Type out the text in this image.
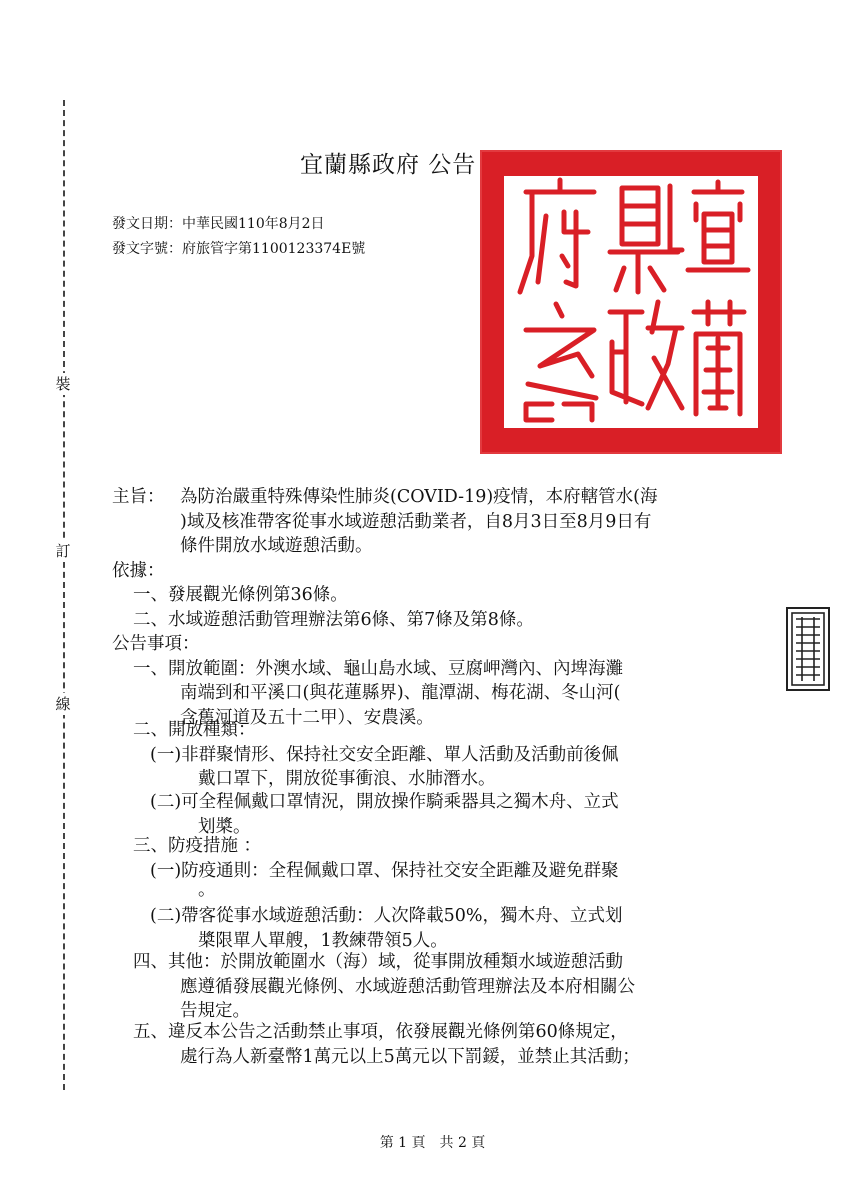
裝
訂
線
宜蘭縣政府 公告
發文日期：中華民國110年8月2日
發文字號：府旅管字第1100123374E號
主旨： 為防治嚴重特殊傳染性肺炎(COVID-19)疫情，本府轄管水(海
)域及核准帶客從事水域遊憩活動業者，自8月3日至8月9日有
條件開放水域遊憩活動。
依據：
一、發展觀光條例第36條。
二、水域遊憩活動管理辦法第6條、第7條及第8條。
公告事項：
一、開放範圍：外澳水域、龜山島水域、豆腐岬灣內、內埤海灘
南端到和平溪口(與花蓮縣界)、龍潭湖、梅花湖、冬山河(
含舊河道及五十二甲）、安農溪。
二、開放種類：
(一)非群聚情形、保持社交安全距離、單人活動及活動前後佩
戴口罩下，開放從事衝浪、水肺潛水。
(二)可全程佩戴口罩情況，開放操作騎乘器具之獨木舟、立式
划槳。
三、防疫措施 ：
(一)防疫通則：全程佩戴口罩、保持社交安全距離及避免群聚
。
(二)帶客從事水域遊憩活動：人次降載50%，獨木舟、立式划
槳限單人單艘，1教練帶領5人。
四、其他：於開放範圍水（海）域，從事開放種類水域遊憩活動
應遵循發展觀光條例、水域遊憩活動管理辦法及本府相關公
告規定。
五、違反本公告之活動禁止事項，依發展觀光條例第60條規定，
處行為人新臺幣1萬元以上5萬元以下罰鍰，並禁止其活動；
第 1 頁　共 2 頁
